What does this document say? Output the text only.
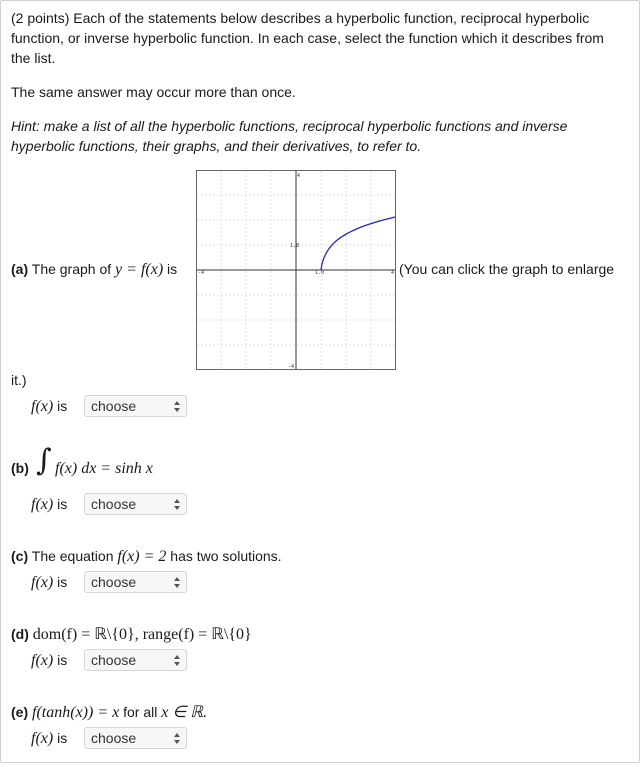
(2 points) Each of the statements below describes a hyperbolic function, reciprocal hyperbolic
function, or inverse hyperbolic function. In each case, select the function which it describes from
the list.
The same answer may occur more than once.
Hint: make a list of all the hyperbolic functions, reciprocal hyperbolic functions and inverse
hyperbolic functions, their graphs, and their derivatives, to refer to.
(a) The graph of y = f(x) is
4
-4	4
-4
1.0
1.0	(You can click the graph to enlarge
it.)
f(x) is	choose
(b) ∫ f(x) dx = sinh x
f(x) is	choose
(c) The equation f(x) = 2 has two solutions.
f(x) is	choose
(d) dom(f) = ℝ\{0}, range(f) = ℝ\{0}
f(x) is	choose
(e) f(tanh(x)) = x for all x ∈ ℝ.
f(x) is	choose
